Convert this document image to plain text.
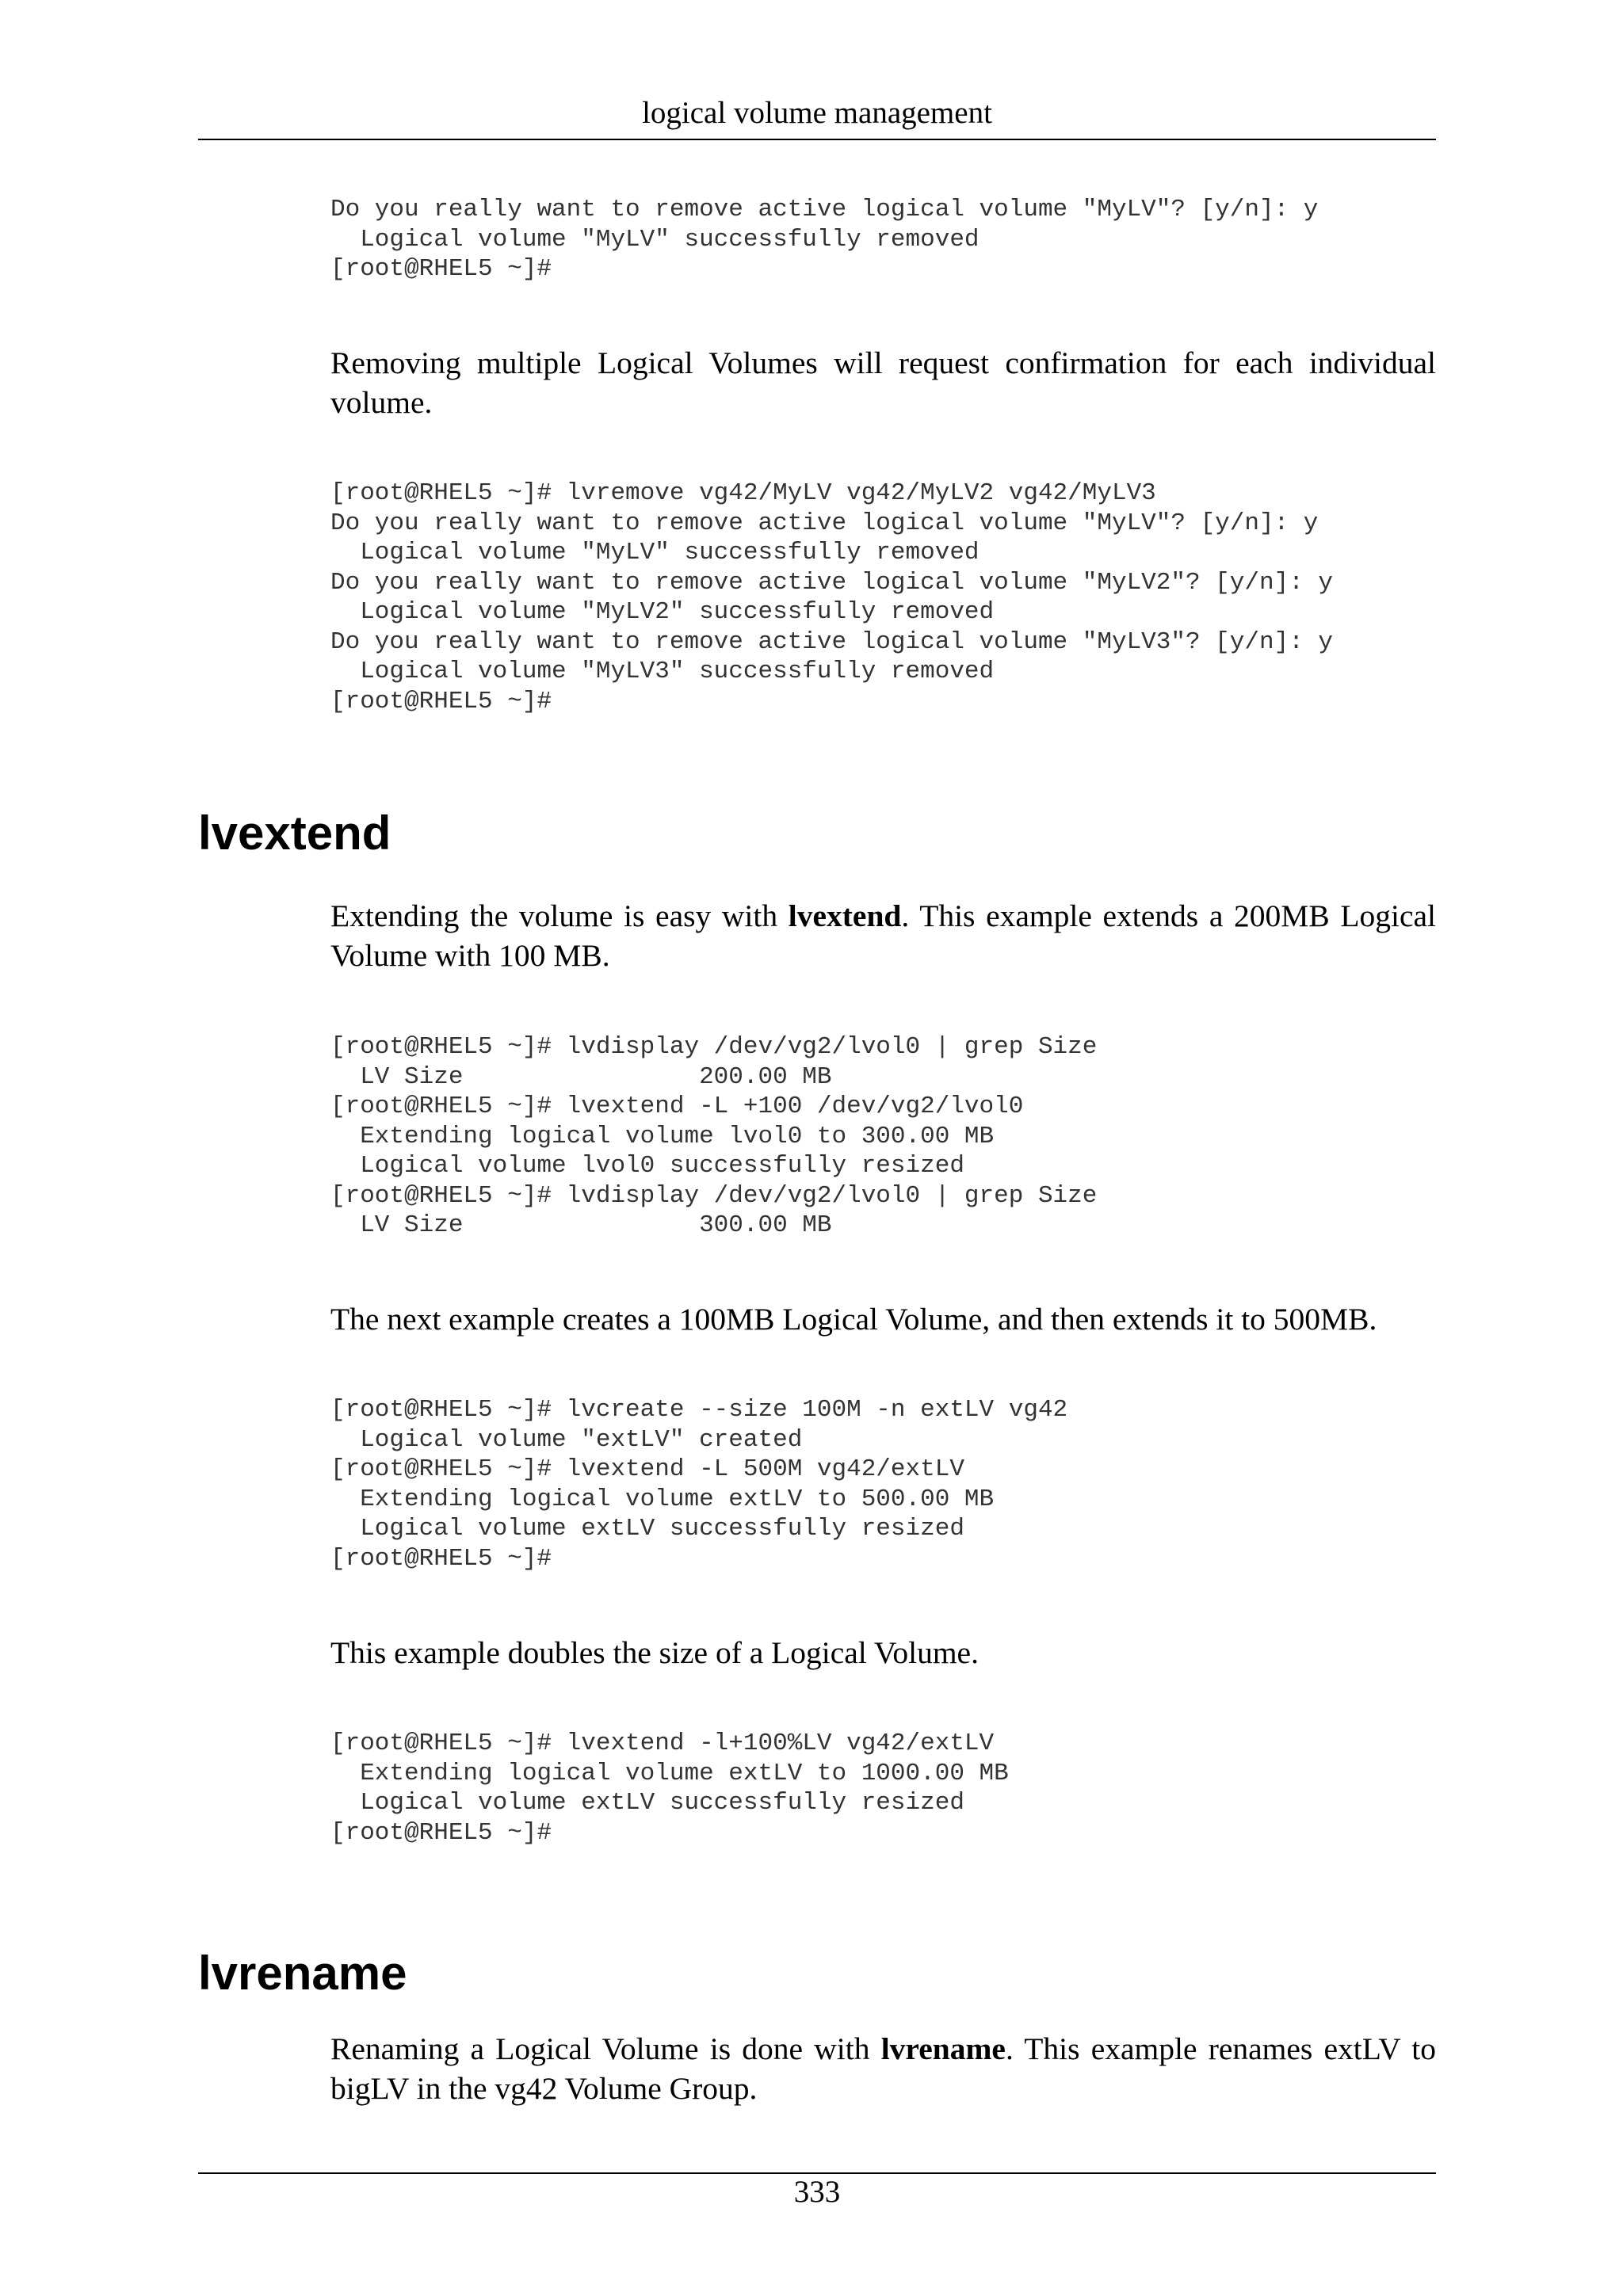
logical volume management

Do you really want to remove active logical volume "MyLV"? [y/n]: y
Logical volume "MyLV" successfully removed
[root@RHEL5 ~]#

Removing multiple Logical Volumes will request confirmation for each individual volume.

[root@RHEL5 ~]# lvremove vg42/MyLV vg42/MyLV2 vg42/MyLV3
Do you really want to remove active logical volume "MyLV"? [y/n]: y
Logical volume "MyLV" successfully removed
Do you really want to remove active logical volume "MyLV2"? [y/n]: y
Logical volume "MyLV2" successfully removed
Do you really want to remove active logical volume "MyLV3"? [y/n]: y
Logical volume "MyLV3" successfully removed
[root@RHEL5 ~]#
lvextend

Extending the volume is easy with lvextend. This example extends a 200MB Logical Volume with 100 MB.

[root@RHEL5 ~]# lvdisplay /dev/vg2/lvol0 | grep Size
LV Size                200.00 MB
[root@RHEL5 ~]# lvextend -L +100 /dev/vg2/lvol0
Extending logical volume lvol0 to 300.00 MB
Logical volume lvol0 successfully resized
[root@RHEL5 ~]# lvdisplay /dev/vg2/lvol0 | grep Size
LV Size                300.00 MB

The next example creates a 100MB Logical Volume, and then extends it to 500MB.

[root@RHEL5 ~]# lvcreate --size 100M -n extLV vg42
Logical volume "extLV" created
[root@RHEL5 ~]# lvextend -L 500M vg42/extLV
Extending logical volume extLV to 500.00 MB
Logical volume extLV successfully resized
[root@RHEL5 ~]#

This example doubles the size of a Logical Volume.

[root@RHEL5 ~]# lvextend -l+100%LV vg42/extLV
Extending logical volume extLV to 1000.00 MB
Logical volume extLV successfully resized
[root@RHEL5 ~]#
lvrename

Renaming a Logical Volume is done with lvrename. This example renames extLV to bigLV in the vg42 Volume Group.

333
